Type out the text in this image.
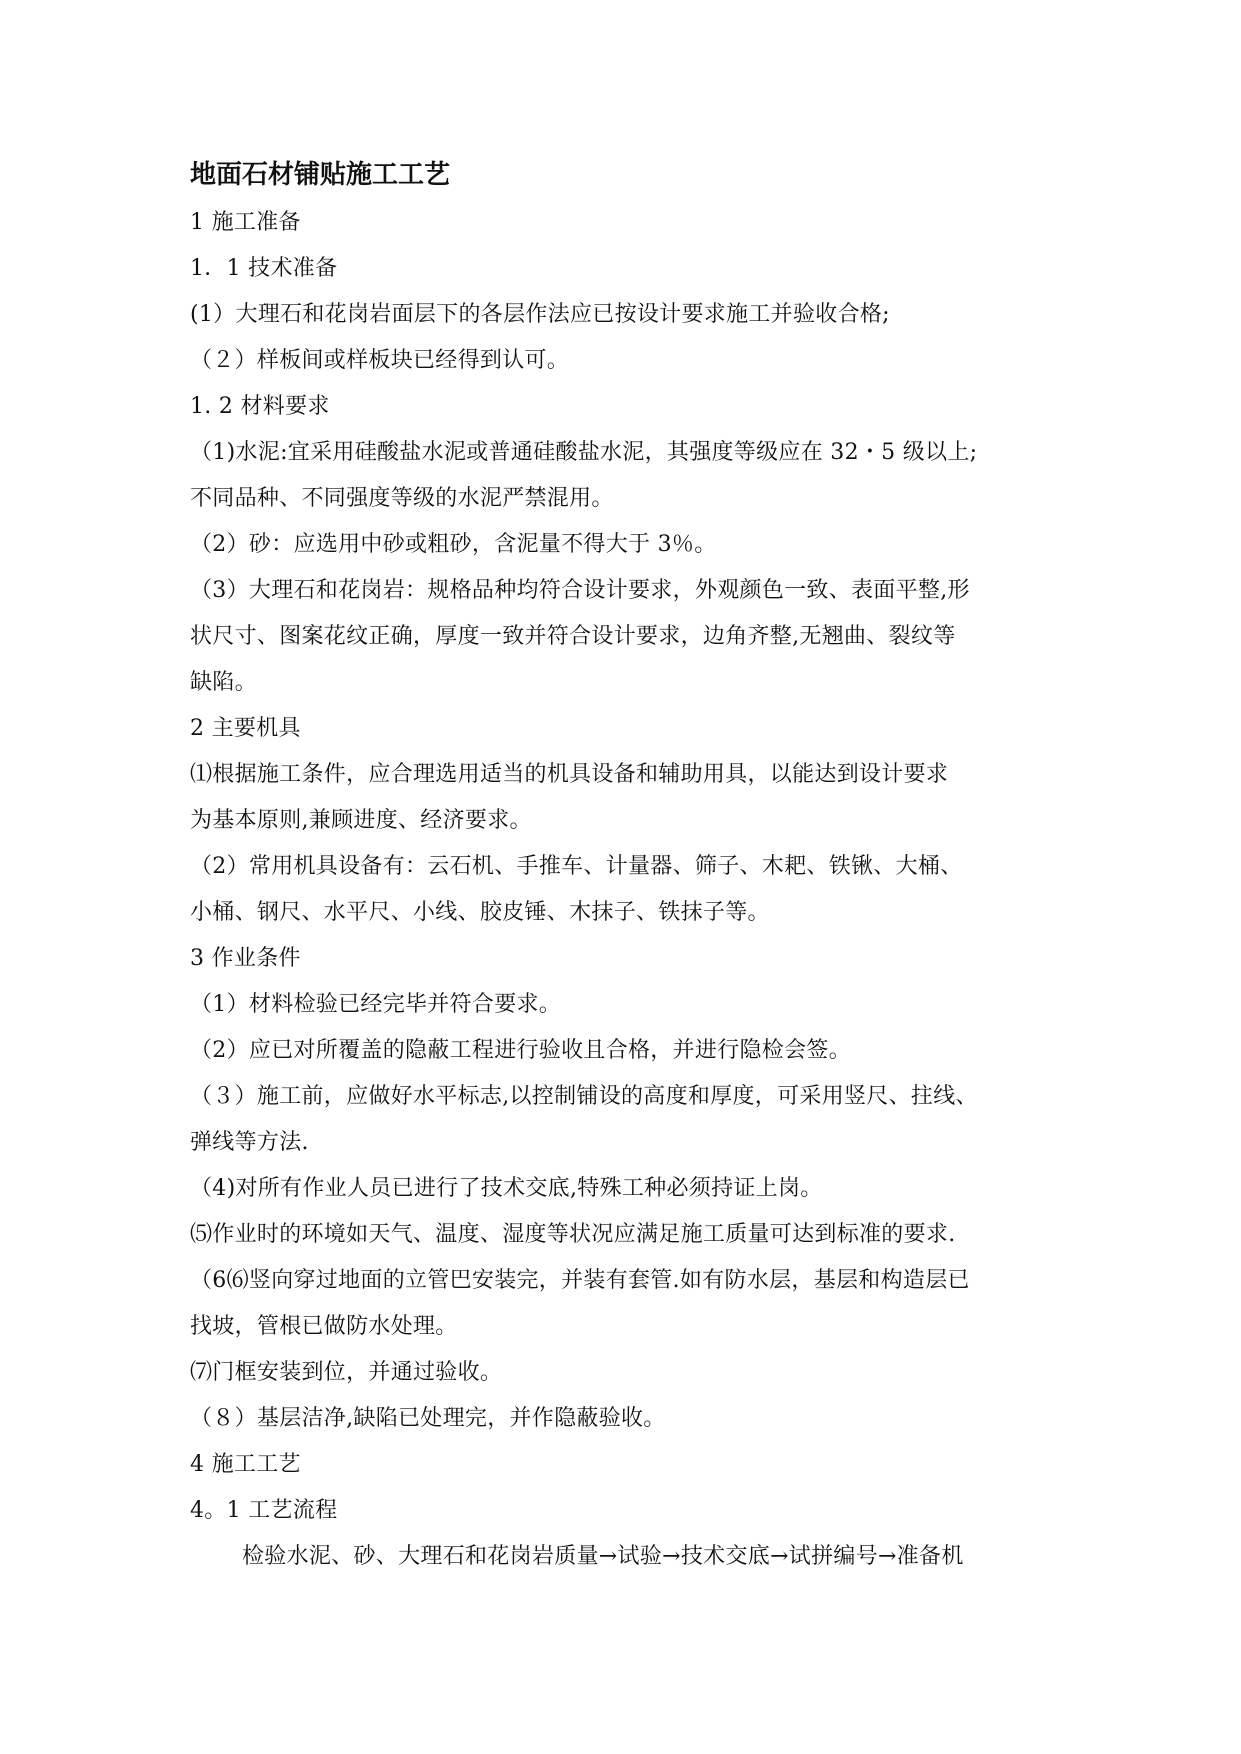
地面石材铺贴施工工艺

1 施工准备

1．1 技术准备

(1）大理石和花岗岩面层下的各层作法应已按设计要求施工并验收合格;

（２）样板间或样板块已经得到认可。

1. 2 材料要求

（1)水泥:宜采用硅酸盐水泥或普通硅酸盐水泥，其强度等级应在 32・5 级以上;

不同品种、不同强度等级的水泥严禁混用。

（2）砂：应选用中砂或粗砂，含泥量不得大于 3％。

（3）大理石和花岗岩：规格品种均符合设计要求，外观颜色一致、表面平整,形

状尺寸、图案花纹正确，厚度一致并符合设计要求，边角齐整,无翘曲、裂纹等

缺陷。

2 主要机具

⑴根据施工条件，应合理选用适当的机具设备和辅助用具，以能达到设计要求

为基本原则,兼顾进度、经济要求。

（2）常用机具设备有：云石机、手推车、计量器、筛子、木耙、铁锹、大桶、

小桶、钢尺、水平尺、小线、胶皮锤、木抹子、铁抹子等。

3 作业条件

（1）材料检验已经完毕并符合要求。

（2）应已对所覆盖的隐蔽工程进行验收且合格，并进行隐检会签。

（３）施工前，应做好水平标志,以控制铺设的高度和厚度，可采用竖尺、拄线、

弹线等方法.

（4)对所有作业人员已进行了技术交底,特殊工种必须持证上岗。

⑸作业时的环境如天气、温度、湿度等状况应满足施工质量可达到标准的要求.

（6⑹竖向穿过地面的立管巴安装完，并装有套管.如有防水层，基层和构造层已

找坡，管根已做防水处理。

⑺门框安装到位，并通过验收。

（８）基层洁净,缺陷已处理完，并作隐蔽验收。

4 施工工艺

4。1 工艺流程

检验水泥、砂、大理石和花岗岩质量→试验→技术交底→试拼编号→准备机
